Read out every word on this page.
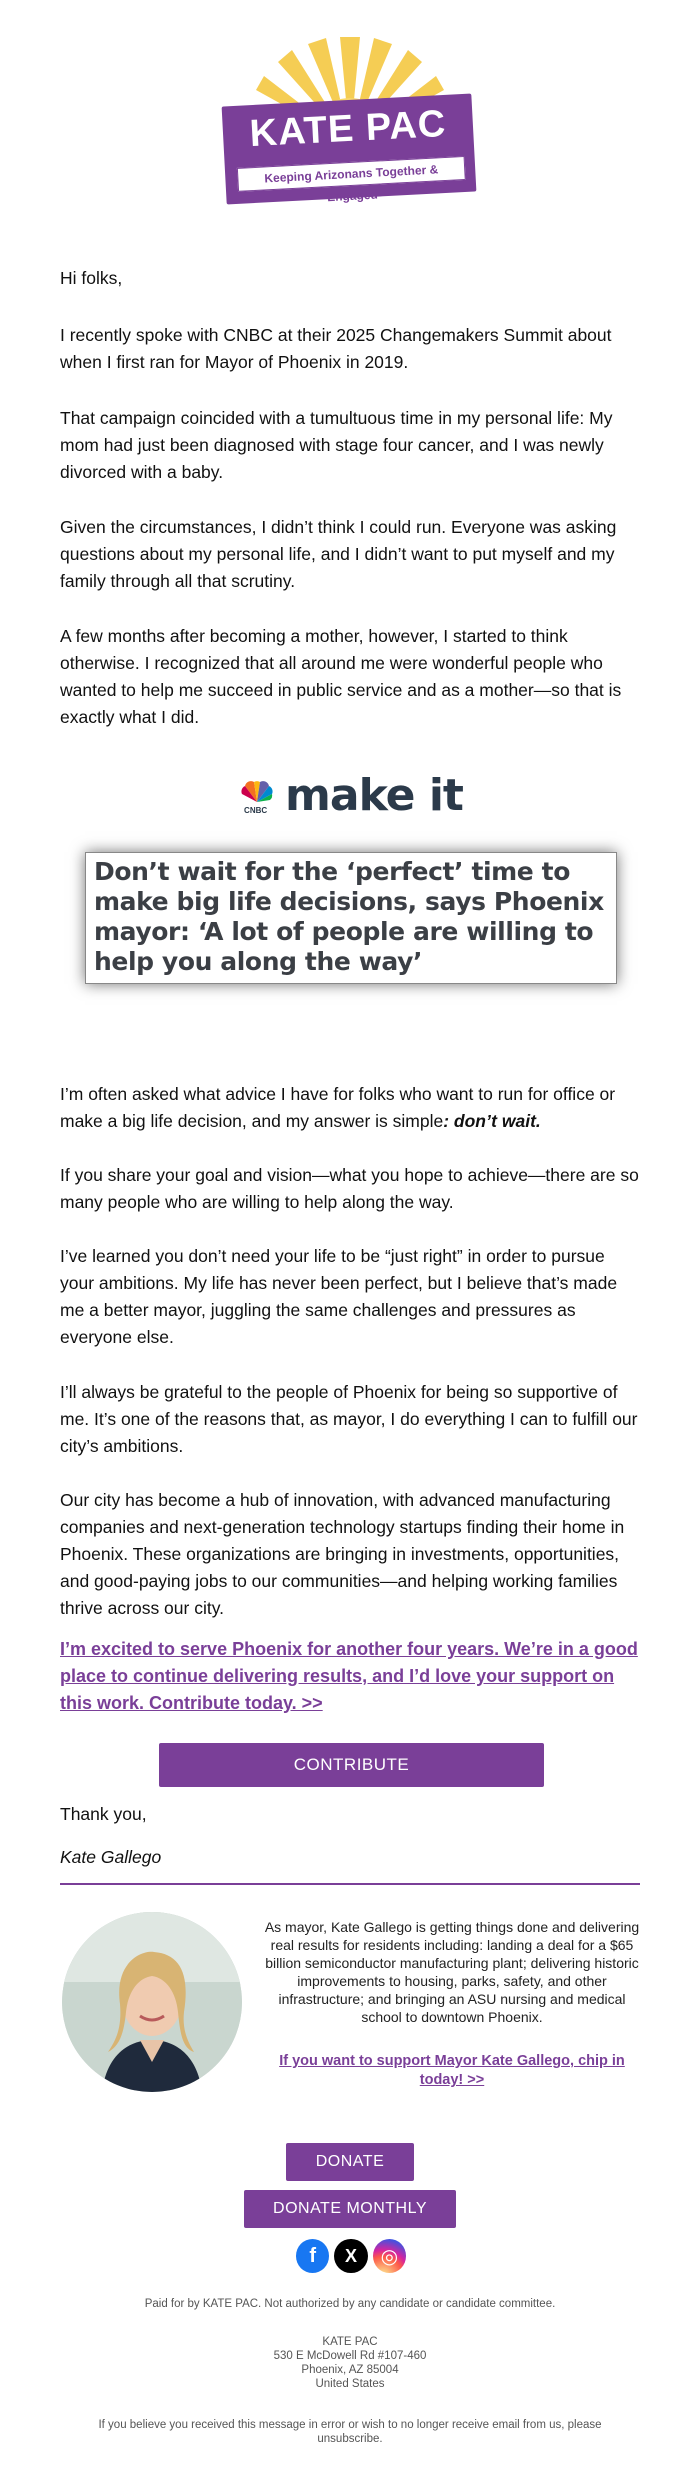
KATE PAC
Keeping Arizonans Together & Engaged
Hi folks,
I recently spoke with CNBC at their 2025 Changemakers Summit about when I first ran for Mayor of Phoenix in 2019.
That campaign coincided with a tumultuous time in my personal life: My mom had just been diagnosed with stage four cancer, and I was newly divorced with a baby.
Given the circumstances, I didn’t think I could run. Everyone was asking questions about my personal life, and I didn’t want to put myself and my family through all that scrutiny.
A few months after becoming a mother, however, I started to think otherwise. I recognized that all around me were wonderful people who wanted to help me succeed in public service and as a mother—so that is exactly what I did.
CNBC make it
Don’t wait for the ‘perfect’ time to make big life decisions, says Phoenix mayor: ‘A lot of people are willing to help you along the way’
I’m often asked what advice I have for folks who want to run for office or make a big life decision, and my answer is simple: don’t wait.
If you share your goal and vision—what you hope to achieve—there are so many people who are willing to help along the way.
I’ve learned you don’t need your life to be “just right” in order to pursue your ambitions. My life has never been perfect, but I believe that’s made me a better mayor, juggling the same challenges and pressures as everyone else.
I’ll always be grateful to the people of Phoenix for being so supportive of me. It’s one of the reasons that, as mayor, I do everything I can to fulfill our city’s ambitions.
Our city has become a hub of innovation, with advanced manufacturing companies and next-generation technology startups finding their home in Phoenix. These organizations are bringing in investments, opportunities, and good-paying jobs to our communities—and helping working families thrive across our city.
I’m excited to serve Phoenix for another four years. We’re in a good place to continue delivering results, and I’d love your support on this work. Contribute today. >>
CONTRIBUTE
Thank you,
Kate Gallego
As mayor, Kate Gallego is getting things done and delivering real results for residents including: landing a deal for a $65 billion semiconductor manufacturing plant; delivering historic improvements to housing, parks, safety, and other infrastructure; and bringing an ASU nursing and medical school to downtown Phoenix.
If you want to support Mayor Kate Gallego, chip in today! >>
DONATE
DONATE MONTHLY
f X ◎
Paid for by KATE PAC. Not authorized by any candidate or candidate committee.
KATE PAC
530 E McDowell Rd #107-460
Phoenix, AZ 85004
United States
If you believe you received this message in error or wish to no longer receive email from us, please unsubscribe.
